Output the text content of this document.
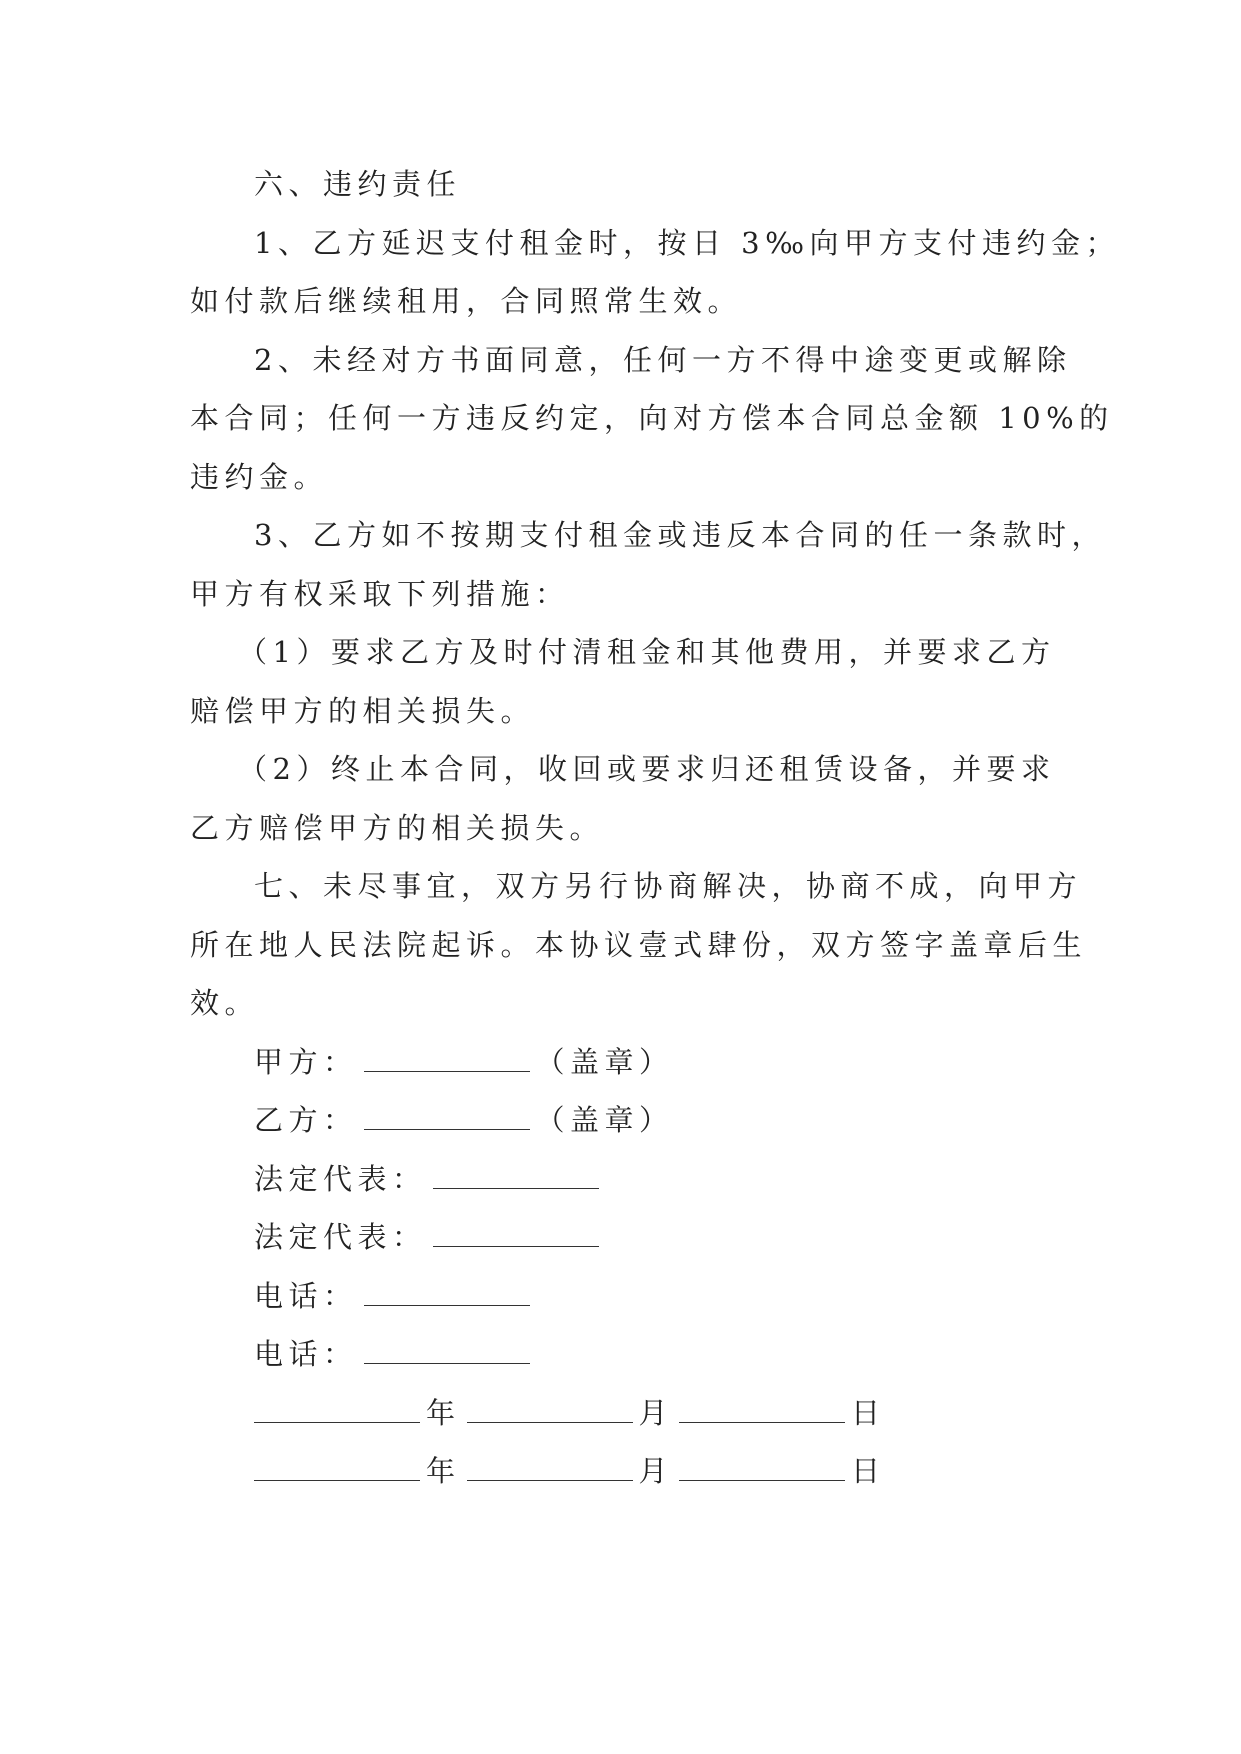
六、违约责任
1、乙方延迟支付租金时，按日 3‰向甲方支付违约金；
如付款后继续租用，合同照常生效。
2、未经对方书面同意，任何一方不得中途变更或解除
本合同；任何一方违反约定，向对方偿本合同总金额 10%的
违约金。
3、乙方如不按期支付租金或违反本合同的任一条款时，
甲方有权采取下列措施：
（1）要求乙方及时付清租金和其他费用，并要求乙方
赔偿甲方的相关损失。
（2）终止本合同，收回或要求归还租赁设备，并要求
乙方赔偿甲方的相关损失。
七、未尽事宜，双方另行协商解决，协商不成，向甲方
所在地人民法院起诉。本协议壹式肆份，双方签字盖章后生
效。
甲方：	（盖章）
乙方：	（盖章）
法定代表：
法定代表：
电话：
电话：
年	月	日
年	月	日
